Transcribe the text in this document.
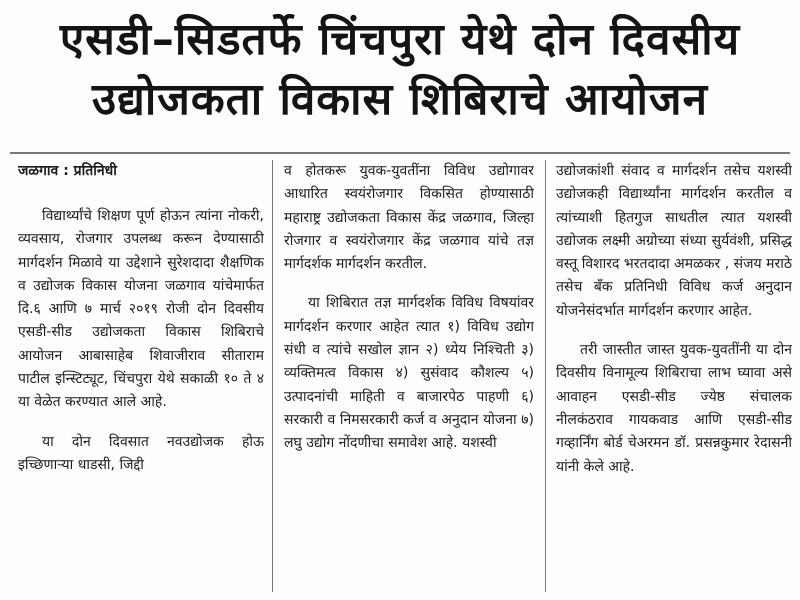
एसडी–सिडतर्फे चिंचपुरा येथे दोन दिवसीय
उद्योजकता विकास शिबिराचे आयोजन

जळगाव : प्रतिनिधी

विद्यार्थ्यांचे शिक्षण पूर्ण होऊन त्यांना नोकरी, व्यवसाय, रोजगार उपलब्ध करून देण्यासाठी मार्गदर्शन मिळावे या उद्देशाने सुरेशदादा शैक्षणिक व उद्योजक विकास योजना जळगाव यांचेमार्फत दि.६ आणि ७ मार्च २०१९ रोजी दोन दिवसीय एसडी-सीड उद्योजकता विकास शिबिराचे आयोजन आबासाहेब शिवाजीराव सीताराम पाटील इन्स्टिट्यूट, चिंचपुरा येथे सकाळी १० ते ४ या वेळेत करण्यात आले आहे.

या दोन दिवसात नवउद्योजक होऊ इच्छिणाऱ्या धाडसी, जिद्दी

व होतकरू युवक-युवतींना विविध उद्योगावर आधारित स्वयंरोजगार विकसित होण्यासाठी महाराष्ट्र उद्योजकता विकास केंद्र जळगाव, जिल्हा रोजगार व स्वयंरोजगार केंद्र जळगाव यांचे तज्ञ मार्गदर्शक मार्गदर्शन करतील.

या शिबिरात तज्ञ मार्गदर्शक विविध विषयांवर मार्गदर्शन करणार आहेत त्यात १) विविध उद्योग संधी व त्यांचे सखोल ज्ञान २) ध्येय निश्चिती ३) व्यक्तिमत्व विकास ४) सुसंवाद कौशल्य ५) उत्पादनांची माहिती व बाजारपेठ पाहणी ६) सरकारी व निमसरकारी कर्ज व अनुदान योजना ७) लघु उद्योग नोंदणीचा समावेश आहे. यशस्वी

उद्योजकांशी संवाद व मार्गदर्शन तसेच यशस्वी उद्योजकही विद्यार्थ्यांना मार्गदर्शन करतील व त्यांच्याशी हितगुज साधतील त्यात यशस्वी उद्योजक लक्ष्मी अग्रोच्या संध्या सुर्यवंशी, प्रसिद्ध वस्तू विशारद भरतदादा अमळकर , संजय मराठे तसेच बँक प्रतिनिधी विविध कर्ज अनुदान योजनेसंदर्भात मार्गदर्शन करणार आहेत.

तरी जास्तीत जास्त युवक-युवतींनी या दोन दिवसीय विनामूल्य शिबिराचा लाभ घ्यावा असे आवाहन एसडी-सीड ज्येष्ठ संचालक नीलकंठराव गायकवाड आणि एसडी-सीड गव्हार्निंग बोर्ड चेअरमन डॉ. प्रसन्नकुमार रेदासनी यांनी केले आहे.
